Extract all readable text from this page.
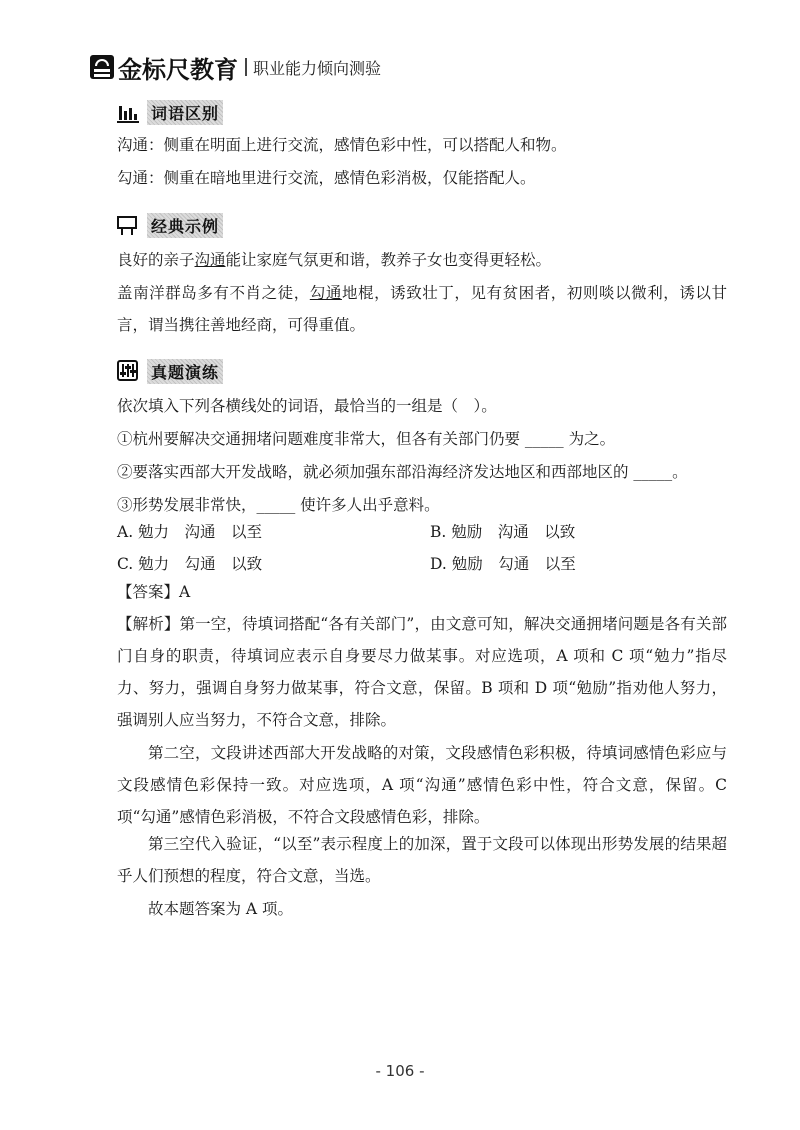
金标尺教育 职业能力倾向测验
词语区别
沟通：侧重在明面上进行交流，感情色彩中性，可以搭配人和物。
勾通：侧重在暗地里进行交流，感情色彩消极，仅能搭配人。
经典示例
良好的亲子沟通能让家庭气氛更和谐，教养子女也变得更轻松。
盖南洋群岛多有不肖之徒，勾通地棍，诱致壮丁，见有贫困者，初则啖以微利，诱以甘言，谓当携往善地经商，可得重值。
真题演练
依次填入下列各横线处的词语，最恰当的一组是（　）。
①杭州要解决交通拥堵问题难度非常大，但各有关部门仍要 _____ 为之。
②要落实西部大开发战略，就必须加强东部沿海经济发达地区和西部地区的 _____。
③形势发展非常快，_____ 使许多人出乎意料。
A. 勉力　沟通　以至	B. 勉励　沟通　以致
C. 勉力　勾通　以致	D. 勉励　勾通　以至
【答案】A
【解析】第一空，待填词搭配“各有关部门”，由文意可知，解决交通拥堵问题是各有关部门自身的职责，待填词应表示自身要尽力做某事。对应选项，A 项和 C 项“勉力”指尽力、努力，强调自身努力做某事，符合文意，保留。B 项和 D 项“勉励”指劝他人努力，强调别人应当努力，不符合文意，排除。
第二空，文段讲述西部大开发战略的对策，文段感情色彩积极，待填词感情色彩应与文段感情色彩保持一致。对应选项，A 项“沟通”感情色彩中性，符合文意，保留。C 项“勾通”感情色彩消极，不符合文段感情色彩，排除。
第三空代入验证，“以至”表示程度上的加深，置于文段可以体现出形势发展的结果超乎人们预想的程度，符合文意，当选。
故本题答案为 A 项。
- 106 -
